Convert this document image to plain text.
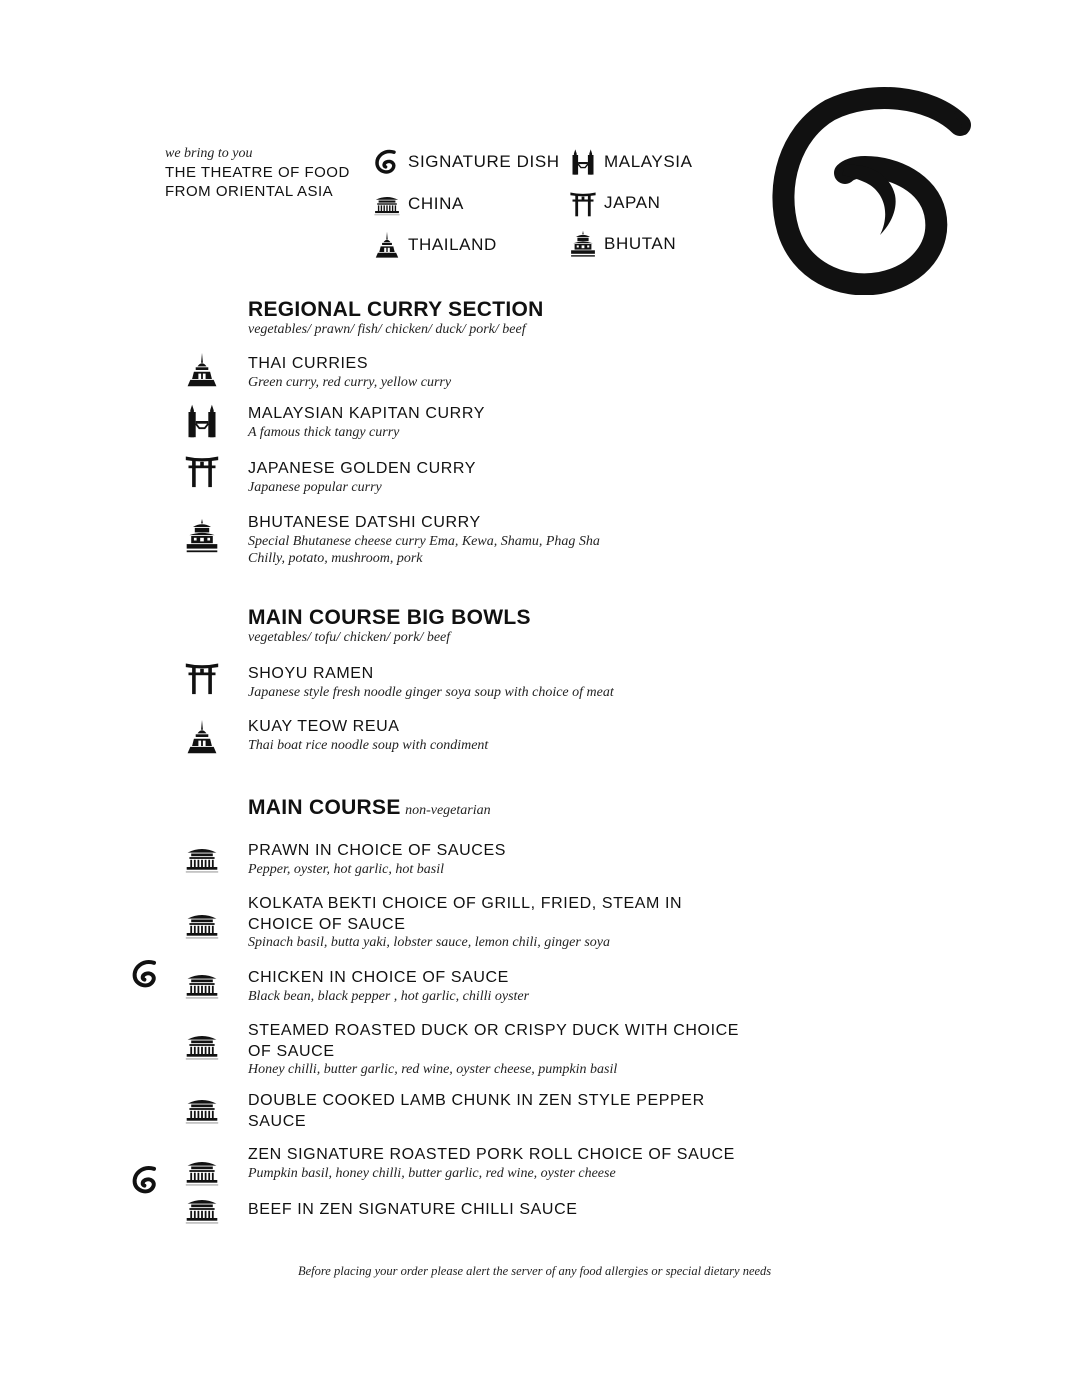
we bring to you
THE THEATRE OF FOOD
FROM ORIENTAL ASIA
SIGNATURE DISH	MALAYSIA
CHINA	JAPAN
THAILAND	BHUTAN
REGIONAL CURRY SECTION
vegetables/ prawn/ fish/ chicken/ duck/ pork/ beef
THAI CURRIES
Green curry, red curry, yellow curry
MALAYSIAN KAPITAN CURRY
A famous thick tangy curry
JAPANESE GOLDEN CURRY
Japanese popular curry
BHUTANESE DATSHI CURRY
Special Bhutanese cheese curry Ema, Kewa, Shamu, Phag Sha
Chilly, potato, mushroom, pork
MAIN COURSE BIG BOWLS
vegetables/ tofu/ chicken/ pork/ beef
SHOYU RAMEN
Japanese style fresh noodle ginger soya soup with choice of meat
KUAY TEOW REUA
Thai boat rice noodle soup with condiment
MAIN COURSE non-vegetarian
PRAWN IN CHOICE OF SAUCES
Pepper, oyster, hot garlic, hot basil
KOLKATA BEKTI CHOICE OF GRILL, FRIED, STEAM IN
CHOICE OF SAUCE
Spinach basil, butta yaki, lobster sauce, lemon chili, ginger soya
CHICKEN IN CHOICE OF SAUCE
Black bean, black pepper , hot garlic, chilli oyster
STEAMED ROASTED DUCK OR CRISPY DUCK WITH CHOICE
OF SAUCE
Honey chilli, butter garlic, red wine, oyster cheese, pumpkin basil
DOUBLE COOKED LAMB CHUNK IN ZEN STYLE PEPPER
SAUCE
ZEN SIGNATURE ROASTED PORK ROLL CHOICE OF SAUCE
Pumpkin basil, honey chilli, butter garlic, red wine, oyster cheese
BEEF IN ZEN SIGNATURE CHILLI SAUCE
Before placing your order please alert the server of any food allergies or special dietary needs
